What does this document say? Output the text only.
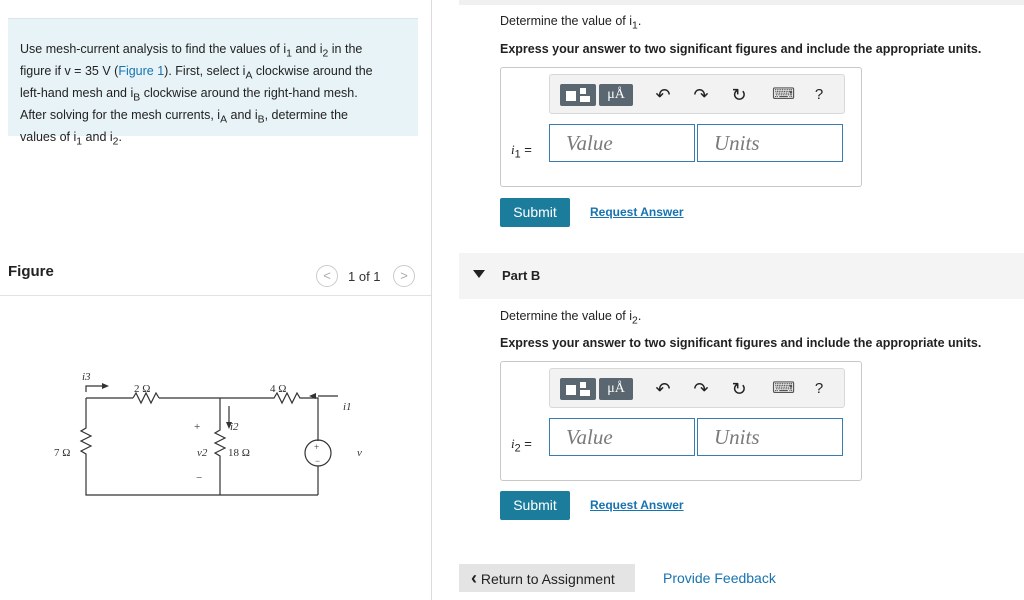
Use mesh-current analysis to find the values of $i_1$ and $i_2$ in the
figure if v = 35 V (Figure 1). First, select $i_A$ clockwise around the
left-hand mesh and $i_B$ clockwise around the right-hand mesh.
After solving for the mesh currents, $i_A$ and $i_B$, determine the
values of $i_1$ and $i_2$.
Figure	<	1 of 1	>
i3
2 Ω	4 Ω
i1
i2
7 Ω	v2 18 Ω	v
+
−
+
−
Determine the value of $i_1$.
Express your answer to two significant figures and include the appropriate units.
μÅ	↶ ↷ ↻ ⌨ ?
$i_1$ =	Value	Units
Submit	Request Answer
Part B
Determine the value of $i_2$.
Express your answer to two significant figures and include the appropriate units.
μÅ	↶ ↷ ↻ ⌨ ?
$i_2$ =	Value	Units
Submit	Request Answer
‹ Return to Assignment	Provide Feedback
